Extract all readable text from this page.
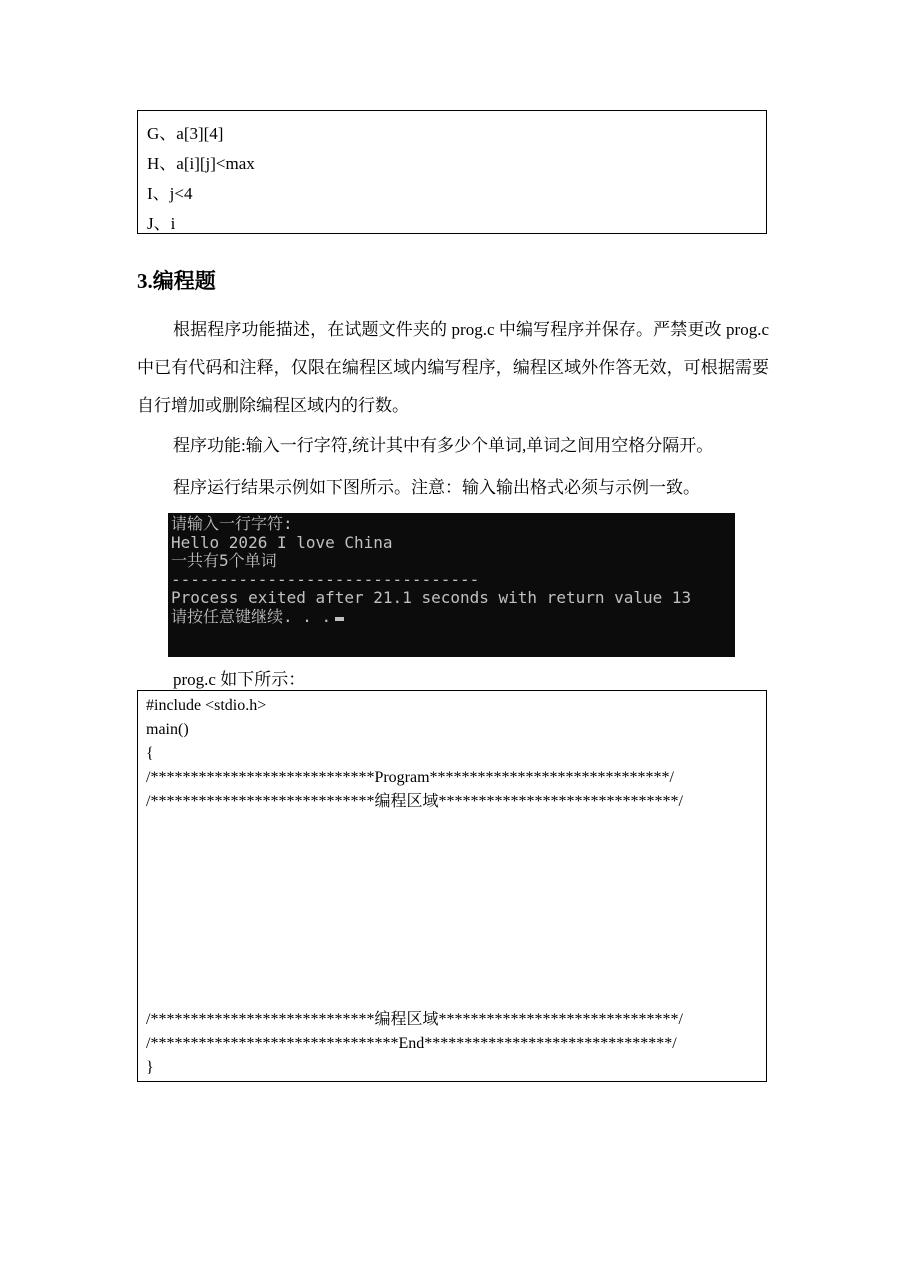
G、a[3][4]
H、a[i][j]<max
I、j<4
J、i
3.编程题
根据程序功能描述，在试题文件夹的 prog.c 中编写程序并保存。严禁更改 prog.c 中已有代码和注释，仅限在编程区域内编写程序，编程区域外作答无效，可根据需要自行增加或删除编程区域内的行数。
程序功能:输入一行字符,统计其中有多少个单词,单词之间用空格分隔开。
程序运行结果示例如下图所示。注意：输入输出格式必须与示例一致。
请输入一行字符:
Hello 2026 I love China
一共有5个单词
--------------------------------
Process exited after 21.1 seconds with return value 13
请按任意键继续. . .
prog.c 如下所示：
#include <stdio.h>
main()
{
/****************************Program******************************/
/****************************编程区域******************************/
/****************************编程区域******************************/
/*******************************End*******************************/
}
